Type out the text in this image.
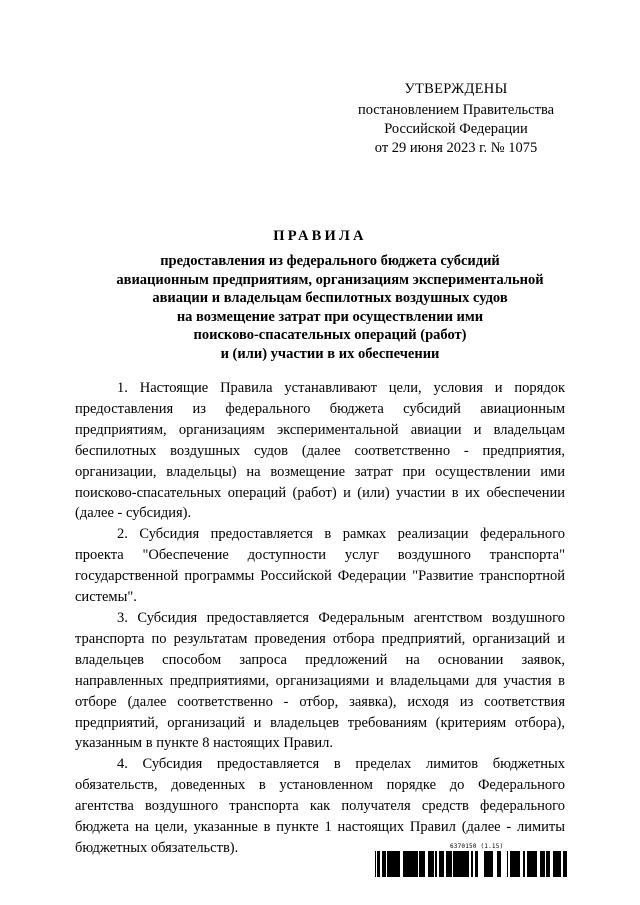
УТВЕРЖДЕНЫ
постановлением Правительства
Российской Федерации
от 29 июня 2023 г. № 1075
ПРАВИЛА
предоставления из федерального бюджета субсидий
авиационным предприятиям, организациям экспериментальной
авиации и владельцам беспилотных воздушных судов
на возмещение затрат при осуществлении ими
поисково-спасательных операций (работ)
и (или) участии в их обеспечении

1. Настоящие Правила устанавливают цели, условия и порядок предоставления из федерального бюджета субсидий авиационным предприятиям, организациям экспериментальной авиации и владельцам беспилотных воздушных судов (далее соответственно - предприятия, организации, владельцы) на возмещение затрат при осуществлении ими поисково-спасательных операций (работ) и (или) участии в их обеспечении (далее - субсидия).

2. Субсидия предоставляется в рамках реализации федерального проекта "Обеспечение доступности услуг воздушного транспорта" государственной программы Российской Федерации "Развитие транспортной системы".

3. Субсидия предоставляется Федеральным агентством воздушного транспорта по результатам проведения отбора предприятий, организаций и владельцев способом запроса предложений на основании заявок, направленных предприятиями, организациями и владельцами для участия в отборе (далее соответственно - отбор, заявка), исходя из соответствия предприятий, организаций и владельцев требованиям (критериям отбора), указанным в пункте 8 настоящих Правил.

4. Субсидия предоставляется в пределах лимитов бюджетных обязательств, доведенных в установленном порядке до Федерального агентства воздушного транспорта как получателя средств федерального бюджета на цели, указанные в пункте 1 настоящих Правил (далее - лимиты бюджетных обязательств).	6370150 (1.15)
